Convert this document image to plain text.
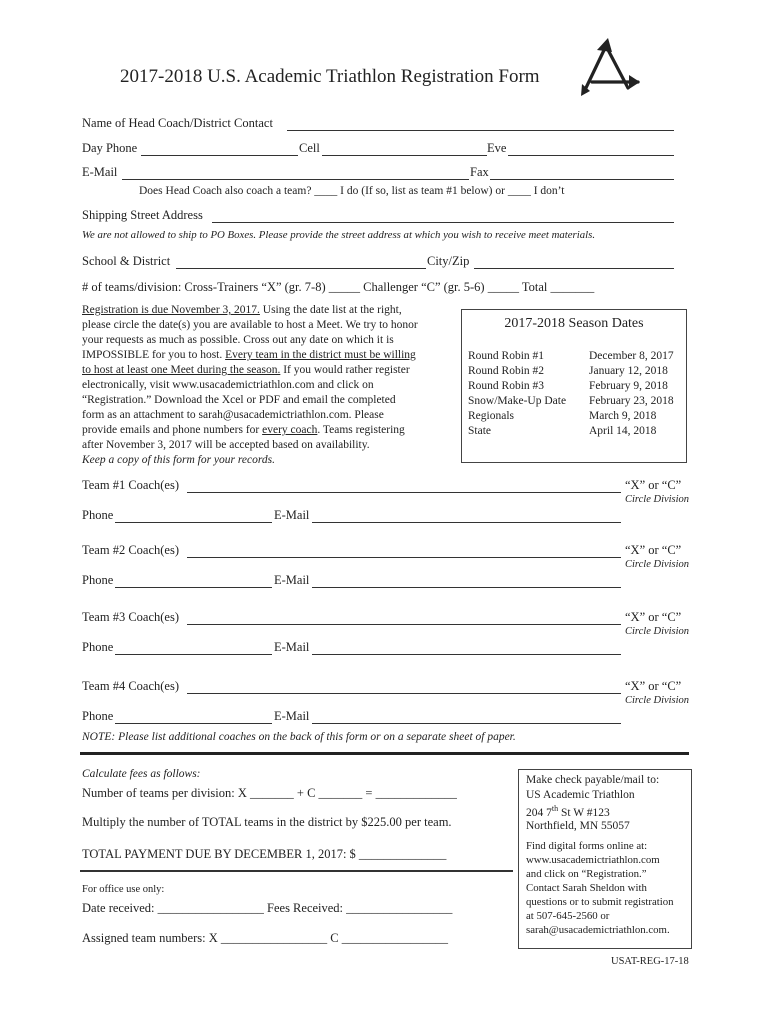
2017-2018 U.S. Academic Triathlon Registration Form
Name of Head Coach/District Contact
Day Phone	Cell	Eve
E-Mail	Fax
Does Head Coach also coach a team? ____ I do (If so, list as team #1 below) or ____ I don’t
Shipping Street Address
We are not allowed to ship to PO Boxes. Please provide the street address at which you wish to receive meet materials.
School & District	City/Zip
# of teams/division: Cross-Trainers “X” (gr. 7-8) _____ Challenger “C” (gr. 5-6) _____ Total _______

Registration is due November 3, 2017. Using the date list at the right,

please circle the date(s) you are available to host a Meet. We try to honor

your requests as much as possible. Cross out any date on which it is

IMPOSSIBLE for you to host. Every team in the district must be willing

to host at least one Meet during the season. If you would rather register

electronically, visit www.usacademictriathlon.com and click on

“Registration.” Download the Xcel or PDF and email the completed

form as an attachment to sarah@usacademictriathlon.com. Please

provide emails and phone numbers for every coach. Teams registering

after November 3, 2017 will be accepted based on availability.

Keep a copy of this form for your records.

2017-2018 Season Dates
Round Robin #1	December 8, 2017
Round Robin #2	January 12, 2018
Round Robin #3	February 9, 2018
Snow/Make-Up Date February 23, 2018
Regionals	March 9, 2018
State	April 14, 2018
Team #1 Coach(es)	“X” or “C”
Circle Division
Phone	E-Mail
Team #2 Coach(es)	“X” or “C”
Circle Division
Phone	E-Mail
Team #3 Coach(es)	“X” or “C”
Circle Division
Phone	E-Mail
Team #4 Coach(es)	“X” or “C”
Circle Division
Phone	E-Mail
NOTE: Please list additional coaches on the back of this form or on a separate sheet of paper.
Calculate fees as follows:
Number of teams per division: X _______ + C _______ = _____________
Multiply the number of TOTAL teams in the district by $225.00 per team.
TOTAL PAYMENT DUE BY DECEMBER 1, 2017: $ ______________
For office use only:
Date received: _________________ Fees Received: _________________
Assigned team numbers: X _________________ C _________________
Make check payable/mail to:
US Academic Triathlon
204 7th St W #123
Northfield, MN 55057
Find digital forms online at:
www.usacademictriathlon.com
and click on “Registration.”
Contact Sarah Sheldon with
questions or to submit registration
at 507-645-2560 or
sarah@usacademictriathlon.com.
USAT-REG-17-18
